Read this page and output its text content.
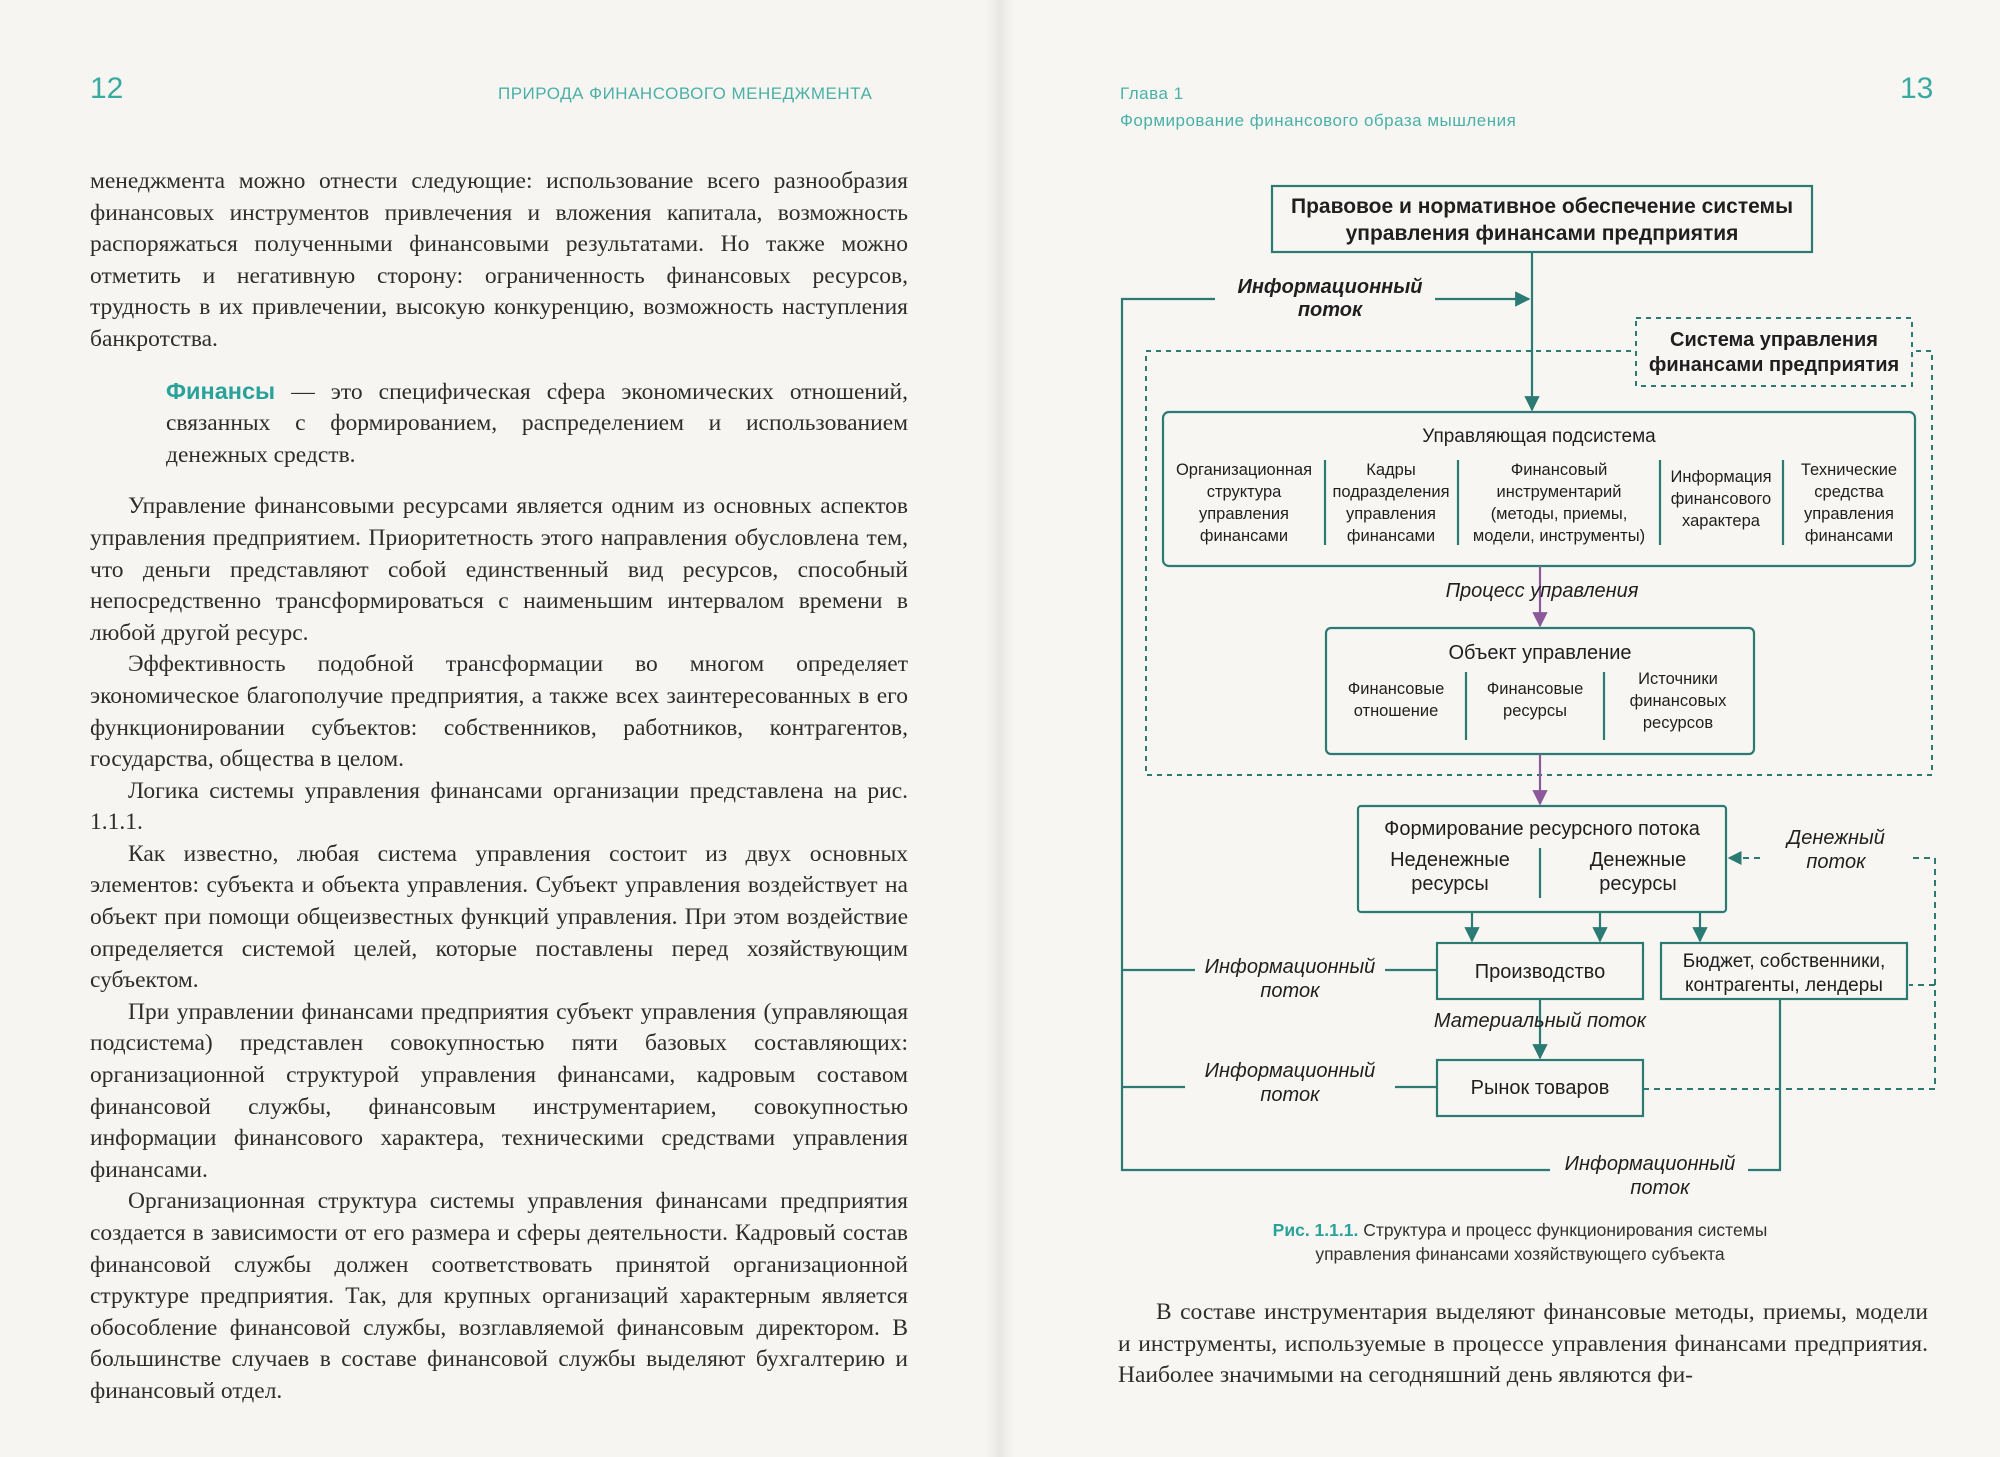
12	ПРИРОДА ФИНАНСОВОГО МЕНЕДЖМЕНТА

менеджмента можно отнести следующие: использование всего разнообразия финансовых инструментов привлечения и вложения капитала, возможность распоряжаться полученными финансовыми результатами. Но также можно отметить и негативную сторону: ограниченность финансовых ресурсов, трудность в их привлечении, высокую конкуренцию, возможность наступления банкротства.

Финансы — это специфическая сфера экономических отношений, связанных с формированием, распределением и использованием денежных средств.

Управление финансовыми ресурсами является одним из основных аспектов управления предприятием. Приоритетность этого направления обусловлена тем, что деньги представляют собой единственный вид ресурсов, способный непосредственно трансформироваться с наименьшим интервалом времени в любой другой ресурс.

Эффективность подобной трансформации во многом определяет экономическое благополучие предприятия, а также всех заинтересованных в его функционировании субъектов: собственников, работников, контрагентов, государства, общества в целом.

Логика системы управления финансами организации представлена на рис. 1.1.1.

Как известно, любая система управления состоит из двух основных элементов: субъекта и объекта управления. Субъект управления воздействует на объект при помощи общеизвестных функций управления. При этом воздействие определяется системой целей, которые поставлены перед хозяйствующим субъектом.

При управлении финансами предприятия субъект управления (управляющая подсистема) представлен совокупностью пяти базовых составляющих: организационной структурой управления финансами, кадровым составом финансовой службы, финансовым инструментарием, совокупностью информации финансового характера, техническими средствами управления финансами.

Организационная структура системы управления финансами предприятия создается в зависимости от его размера и сферы деятельности. Кадровый состав финансовой службы должен соответствовать принятой организационной структуре предприятия. Так, для крупных организаций характерным является обособление финансовой службы, возглавляемой финансовым директором. В большинстве случаев в составе финансовой службы выделяют бухгалтерию и финансовый отдел.

Глава 1
Формирование финансового образа мышления
13
Правовое и нормативное обеспечение системы
управления финансами предприятия
Информационный
поток
Система управления
финансами предприятия
Управляющая подсистема
Организационная
структура
управления
финансами
Кадры
подразделения
управления
финансами
Финансовый
инструментарий
(методы, приемы,
модели, инструменты)
Информация
финансового
характера
Технические
средства
управления
финансами
Процесс управления
Объект управление
Финансовые
отношение
Финансовые
ресурсы
Источники
финансовых
ресурсов
Формирование ресурсного потока
Неденежные
ресурсы
Денежные
ресурсы
Денежный
поток
Информационный
поток
Производство	Бюджет, собственники,
контрагенты, лендеры
Материальный поток
Информационный
поток	Рынок товаров
Информационный
поток
Рис. 1.1.1. Структура и процесс функционирования системы
управления финансами хозяйствующего субъекта

В составе инструментария выделяют финансовые методы, приемы, модели и инструменты, используемые в процессе управления финансами предприятия. Наиболее значимыми на сегодняшний день являются фи-
